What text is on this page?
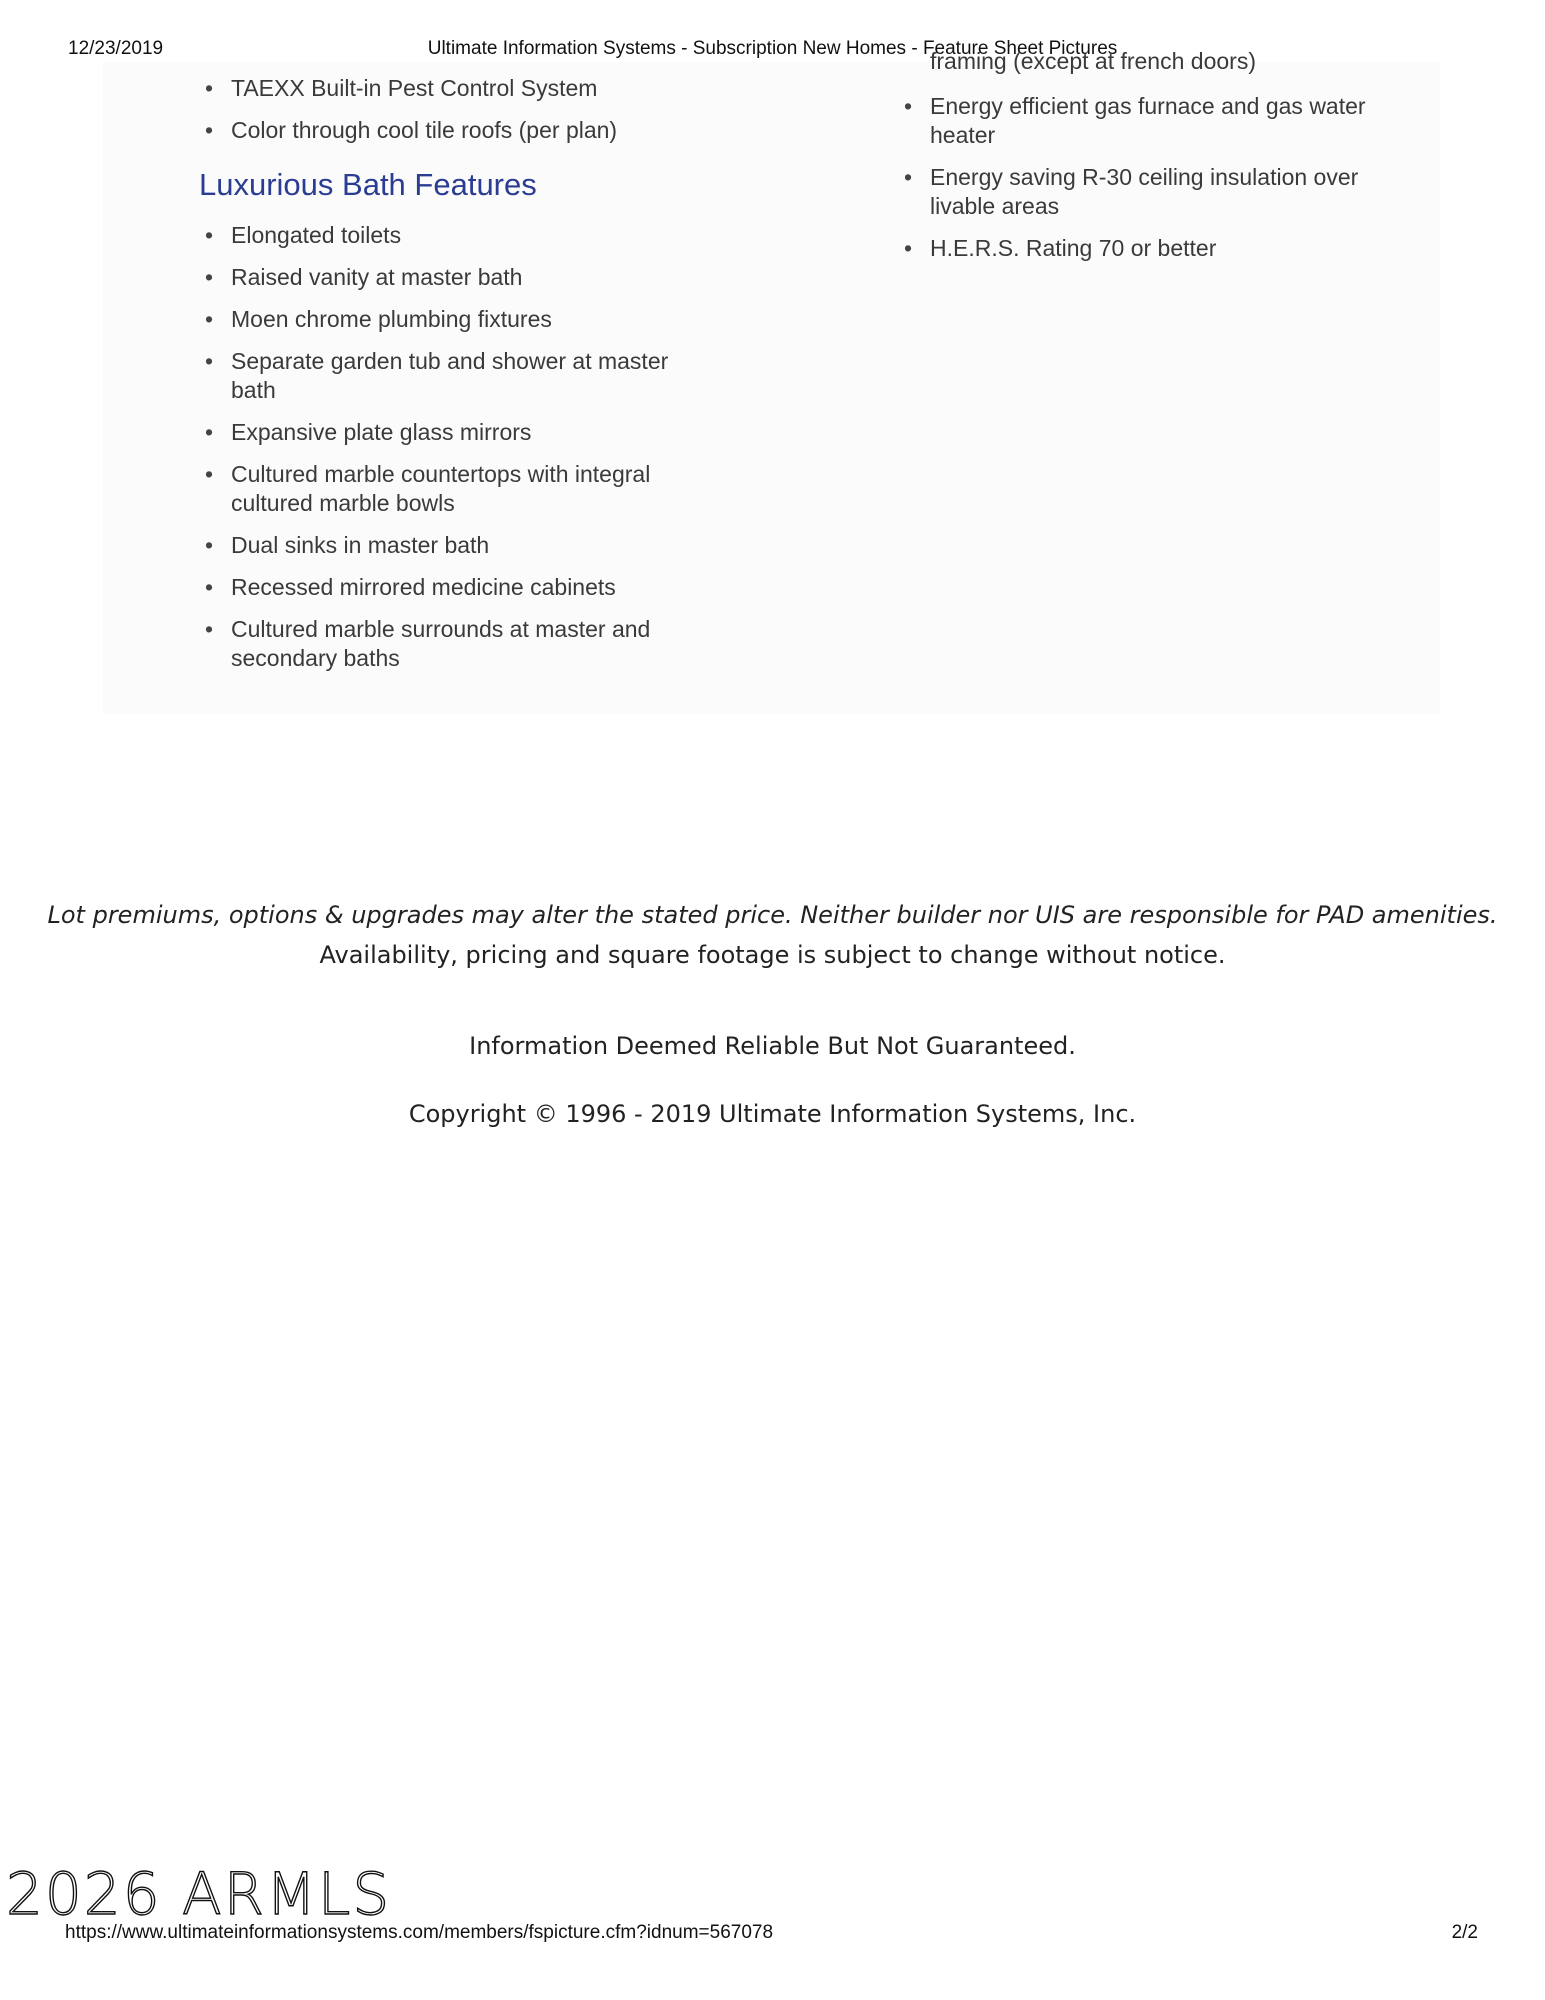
12/23/2019	Ultimate Information Systems - Subscription New Homes - Feature Sheet Pictures
• TAEXX Built-in Pest Control System
• Color through cool tile roofs (per plan)
Luxurious Bath Features
• Elongated toilets
• Raised vanity at master bath
• Moen chrome plumbing fixtures
• Separate garden tub and shower at master bath
• Expansive plate glass mirrors
• Cultured marble countertops with integral cultured marble bowls
• Dual sinks in master bath
• Recessed mirrored medicine cabinets
• Cultured marble surrounds at master and secondary baths
framing (except at french doors)
• Energy efficient gas furnace and gas water heater
• Energy saving R-30 ceiling insulation over livable areas
• H.E.R.S. Rating 70 or better
Lot premiums, options & upgrades may alter the stated price. Neither builder nor UIS are responsible for PAD amenities. Availability, pricing and square footage is subject to change without notice.
Information Deemed Reliable But Not Guaranteed.
Copyright © 1996 - 2019 Ultimate Information Systems, Inc.
2026 ARMLS
https://www.ultimateinformationsystems.com/members/fspicture.cfm?idnum=567078	2/2
